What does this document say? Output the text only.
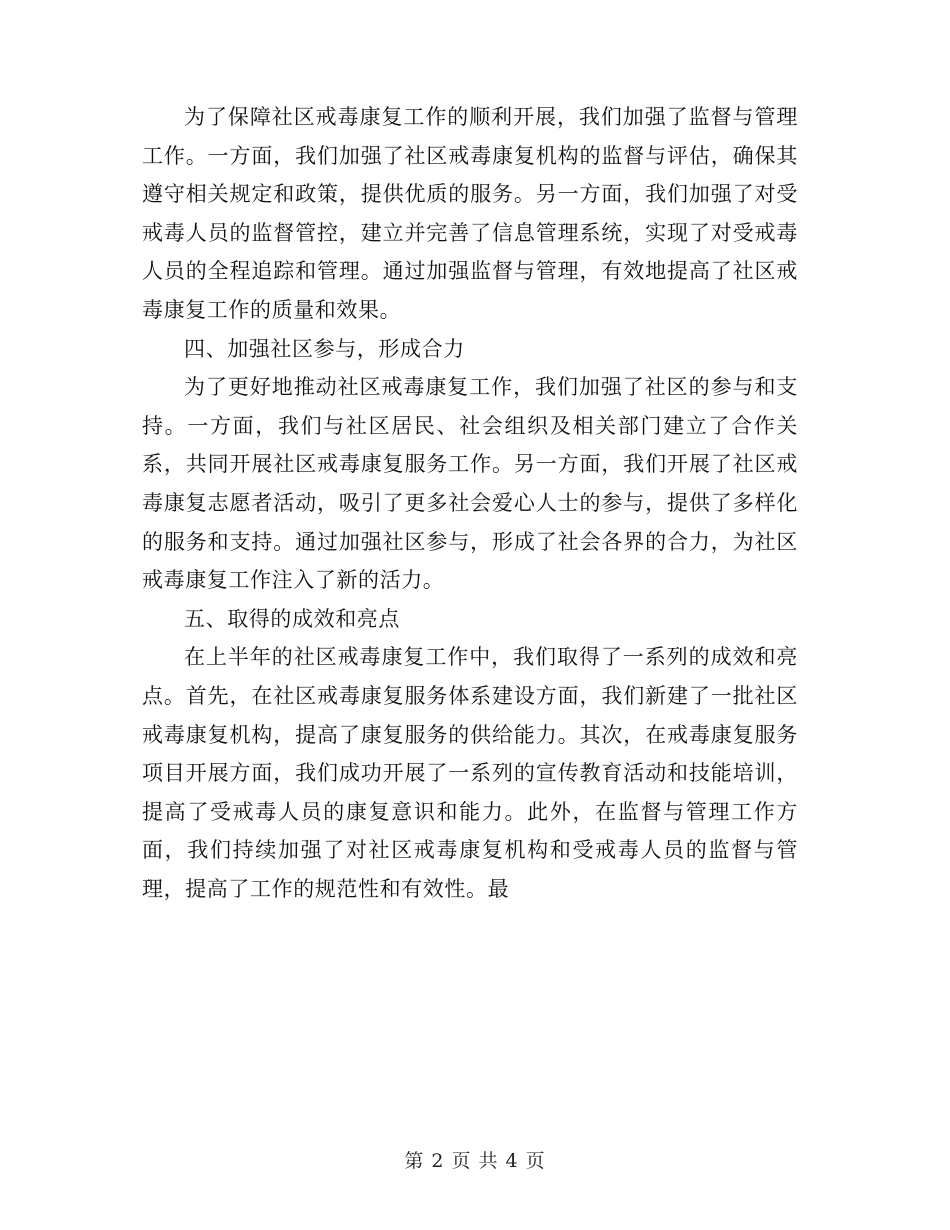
为了保障社区戒毒康复工作的顺利开展，我们加强了监督与管理工作。一方面，我们加强了社区戒毒康复机构的监督与评估，确保其遵守相关规定和政策，提供优质的服务。另一方面，我们加强了对受戒毒人员的监督管控，建立并完善了信息管理系统，实现了对受戒毒人员的全程追踪和管理。通过加强监督与管理，有效地提高了社区戒毒康复工作的质量和效果。

四、加强社区参与，形成合力

为了更好地推动社区戒毒康复工作，我们加强了社区的参与和支持。一方面，我们与社区居民、社会组织及相关部门建立了合作关系，共同开展社区戒毒康复服务工作。另一方面，我们开展了社区戒毒康复志愿者活动，吸引了更多社会爱心人士的参与，提供了多样化的服务和支持。通过加强社区参与，形成了社会各界的合力，为社区戒毒康复工作注入了新的活力。

五、取得的成效和亮点

在上半年的社区戒毒康复工作中，我们取得了一系列的成效和亮点。首先，在社区戒毒康复服务体系建设方面，我们新建了一批社区戒毒康复机构，提高了康复服务的供给能力。其次，在戒毒康复服务项目开展方面，我们成功开展了一系列的宣传教育活动和技能培训，提高了受戒毒人员的康复意识和能力。此外，在监督与管理工作方面，我们持续加强了对社区戒毒康复机构和受戒毒人员的监督与管理，提高了工作的规范性和有效性。最

第 2 页 共 4 页
